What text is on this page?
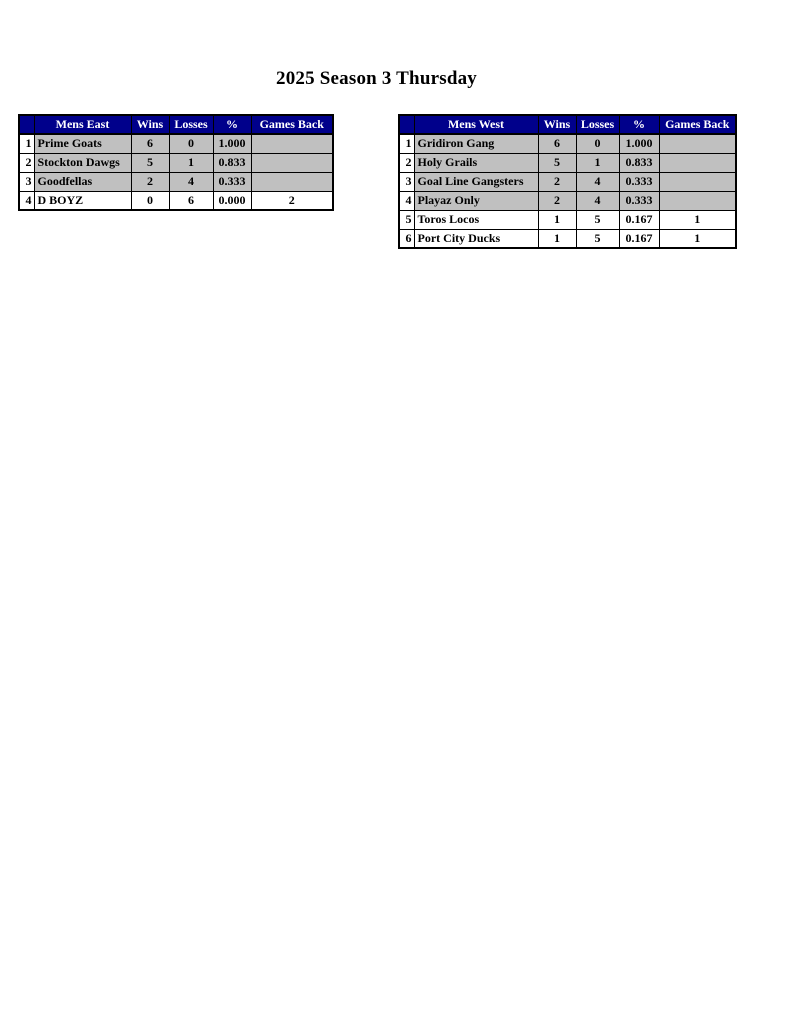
2025 Season 3 Thursday
	Mens East	Wins	Losses	%	Games Back
1	Prime Goats	6	0	1.000	
2	Stockton Dawgs	5	1	0.833	
3	Goodfellas	2	4	0.333	
4	D BOYZ	0	6	0.000	2
	Mens West	Wins	Losses	%	Games Back
1	Gridiron Gang	6	0	1.000	
2	Holy Grails	5	1	0.833	
3	Goal Line Gangsters	2	4	0.333	
4	Playaz Only	2	4	0.333	
5	Toros Locos	1	5	0.167	1
6	Port City Ducks	1	5	0.167	1
